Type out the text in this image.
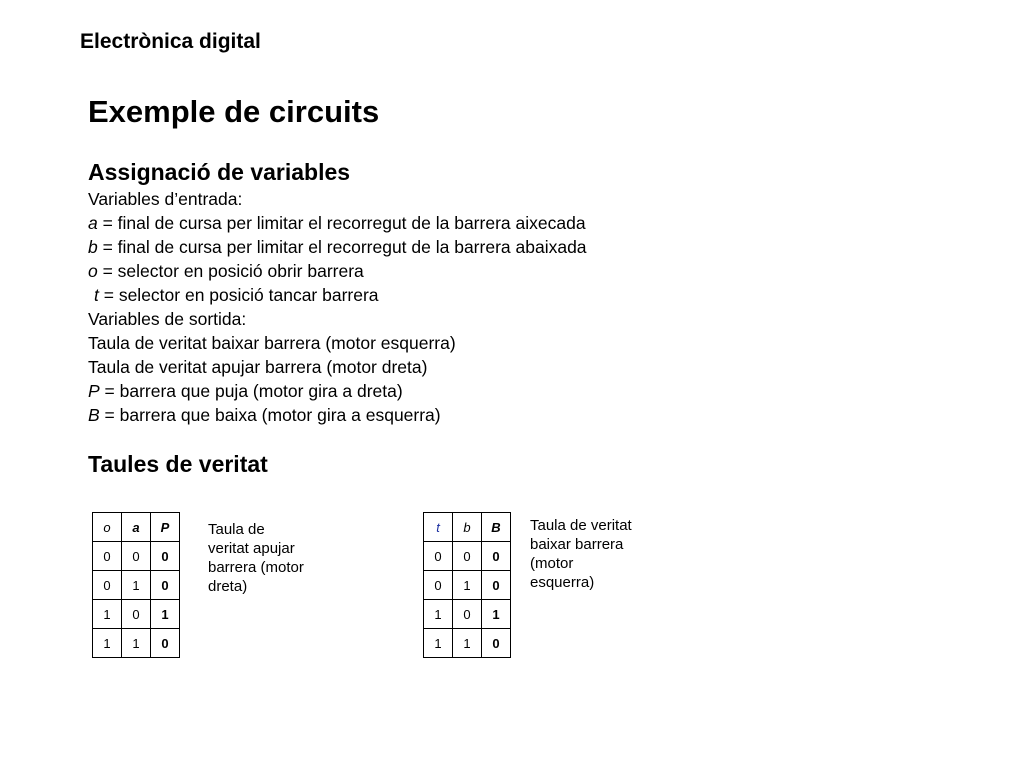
Electrònica digital
Exemple de circuits
Assignació de variables
Variables d’entrada:
a = final de cursa per limitar el recorregut de la barrera aixecada
b = final de cursa per limitar el recorregut de la barrera abaixada
o = selector en posició obrir barrera
t = selector en posició tancar barrera
Variables de sortida:
Taula de veritat baixar barrera (motor esquerra)
Taula de veritat apujar barrera (motor dreta)
P = barrera que puja (motor gira a dreta)
B = barrera que baixa (motor gira a esquerra)
Taules de veritat
o	a	P
0	0	0
0	1	0
1	0	1
1	1	0
Taula de
veritat apujar
barrera (motor
dreta)
t	b	B
0	0	0
0	1	0
1	0	1
1	1	0
Taula de veritat
baixar barrera
(motor
esquerra)
